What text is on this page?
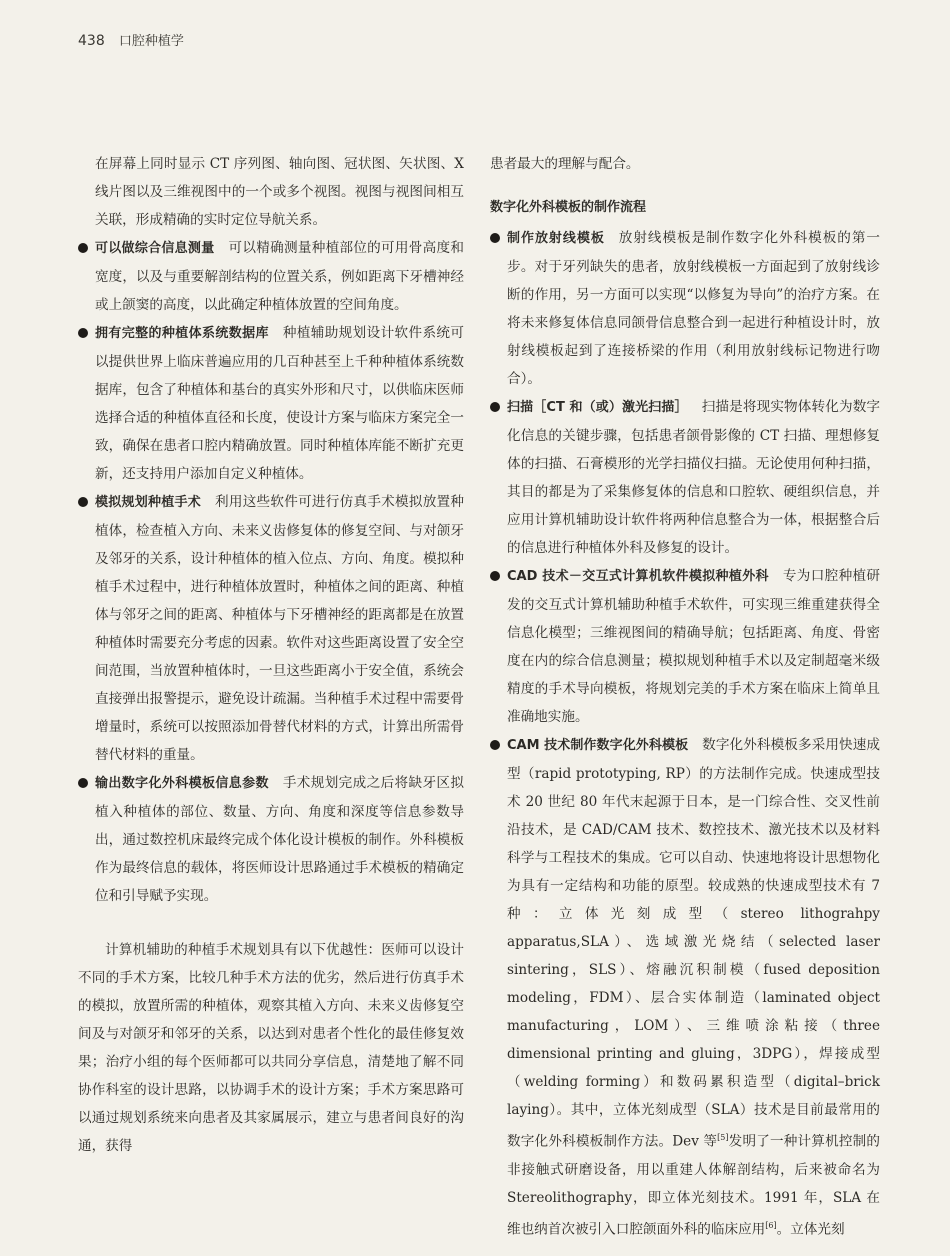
438 口腔种植学

在屏幕上同时显示 CT 序列图、轴向图、冠状图、矢状图、X 线片图以及三维视图中的一个或多个视图。视图与视图间相互关联，形成精确的实时定位导航关系。

可以做综合信息测量 可以精确测量种植部位的可用骨高度和宽度，以及与重要解剖结构的位置关系，例如距离下牙槽神经或上颌窦的高度，以此确定种植体放置的空间角度。
拥有完整的种植体系统数据库 种植辅助规划设计软件系统可以提供世界上临床普遍应用的几百种甚至上千种种植体系统数据库，包含了种植体和基台的真实外形和尺寸，以供临床医师选择合适的种植体直径和长度，使设计方案与临床方案完全一致，确保在患者口腔内精确放置。同时种植体库能不断扩充更新，还支持用户添加自定义种植体。
模拟规划种植手术 利用这些软件可进行仿真手术模拟放置种植体，检查植入方向、未来义齿修复体的修复空间、与对颌牙及邻牙的关系，设计种植体的植入位点、方向、角度。模拟种植手术过程中，进行种植体放置时，种植体之间的距离、种植体与邻牙之间的距离、种植体与下牙槽神经的距离都是在放置种植体时需要充分考虑的因素。软件对这些距离设置了安全空间范围，当放置种植体时，一旦这些距离小于安全值，系统会直接弹出报警提示，避免设计疏漏。当种植手术过程中需要骨增量时，系统可以按照添加骨替代材料的方式，计算出所需骨替代材料的重量。
输出数字化外科模板信息参数 手术规划完成之后将缺牙区拟植入种植体的部位、数量、方向、角度和深度等信息参数导出，通过数控机床最终完成个体化设计模板的制作。外科模板作为最终信息的载体，将医师设计思路通过手术模板的精确定位和引导赋予实现。

计算机辅助的种植手术规划具有以下优越性：医师可以设计不同的手术方案，比较几种手术方法的优劣，然后进行仿真手术的模拟，放置所需的种植体，观察其植入方向、未来义齿修复空间及与对颌牙和邻牙的关系，以达到对患者个性化的最佳修复效果；治疗小组的每个医师都可以共同分享信息，清楚地了解不同协作科室的设计思路，以协调手术的设计方案；手术方案思路可以通过规划系统来向患者及其家属展示，建立与患者间良好的沟通，获得

患者最大的理解与配合。

数字化外科模板的制作流程

制作放射线模板 放射线模板是制作数字化外科模板的第一步。对于牙列缺失的患者，放射线模板一方面起到了放射线诊断的作用，另一方面可以实现“以修复为导向”的治疗方案。在将未来修复体信息同颌骨信息整合到一起进行种植设计时，放射线模板起到了连接桥梁的作用（利用放射线标记物进行吻合）。
扫描［CT 和（或）激光扫描］ 扫描是将现实物体转化为数字化信息的关键步骤，包括患者颌骨影像的 CT 扫描、理想修复体的扫描、石膏模形的光学扫描仪扫描。无论使用何种扫描，其目的都是为了采集修复体的信息和口腔软、硬组织信息，并应用计算机辅助设计软件将两种信息整合为一体，根据整合后的信息进行种植体外科及修复的设计。
CAD 技术－交互式计算机软件模拟种植外科 专为口腔种植研发的交互式计算机辅助种植手术软件，可实现三维重建获得全信息化模型；三维视图间的精确导航；包括距离、角度、骨密度在内的综合信息测量；模拟规划种植手术以及定制超毫米级精度的手术导向模板，将规划完美的手术方案在临床上简单且准确地实施。
CAM 技术制作数字化外科模板 数字化外科模板多采用快速成型（rapid prototyping, RP）的方法制作完成。快速成型技术 20 世纪 80 年代末起源于日本，是一门综合性、交叉性前沿技术，是 CAD/CAM 技术、数控技术、激光技术以及材料科学与工程技术的集成。它可以自动、快速地将设计思想物化为具有一定结构和功能的原型。较成熟的快速成型技术有 7 种：立体光刻成型（stereo lithograhpy apparatus,SLA）、选域激光烧结（selected laser sintering，SLS）、熔融沉积制模（fused deposition modeling，FDM）、层合实体制造（laminated object manufacturing，LOM）、三维喷涂粘接（three dimensional printing and gluing，3DPG），焊接成型（welding forming）和数码累积造型（digital–brick laying）。其中，立体光刻成型（SLA）技术是目前最常用的数字化外科模板制作方法。Dev 等[5]发明了一种计算机控制的非接触式研磨设备，用以重建人体解剖结构，后来被命名为 Stereolithography，即立体光刻技术。1991 年，SLA 在维也纳首次被引入口腔颌面外科的临床应用[6]。立体光刻
